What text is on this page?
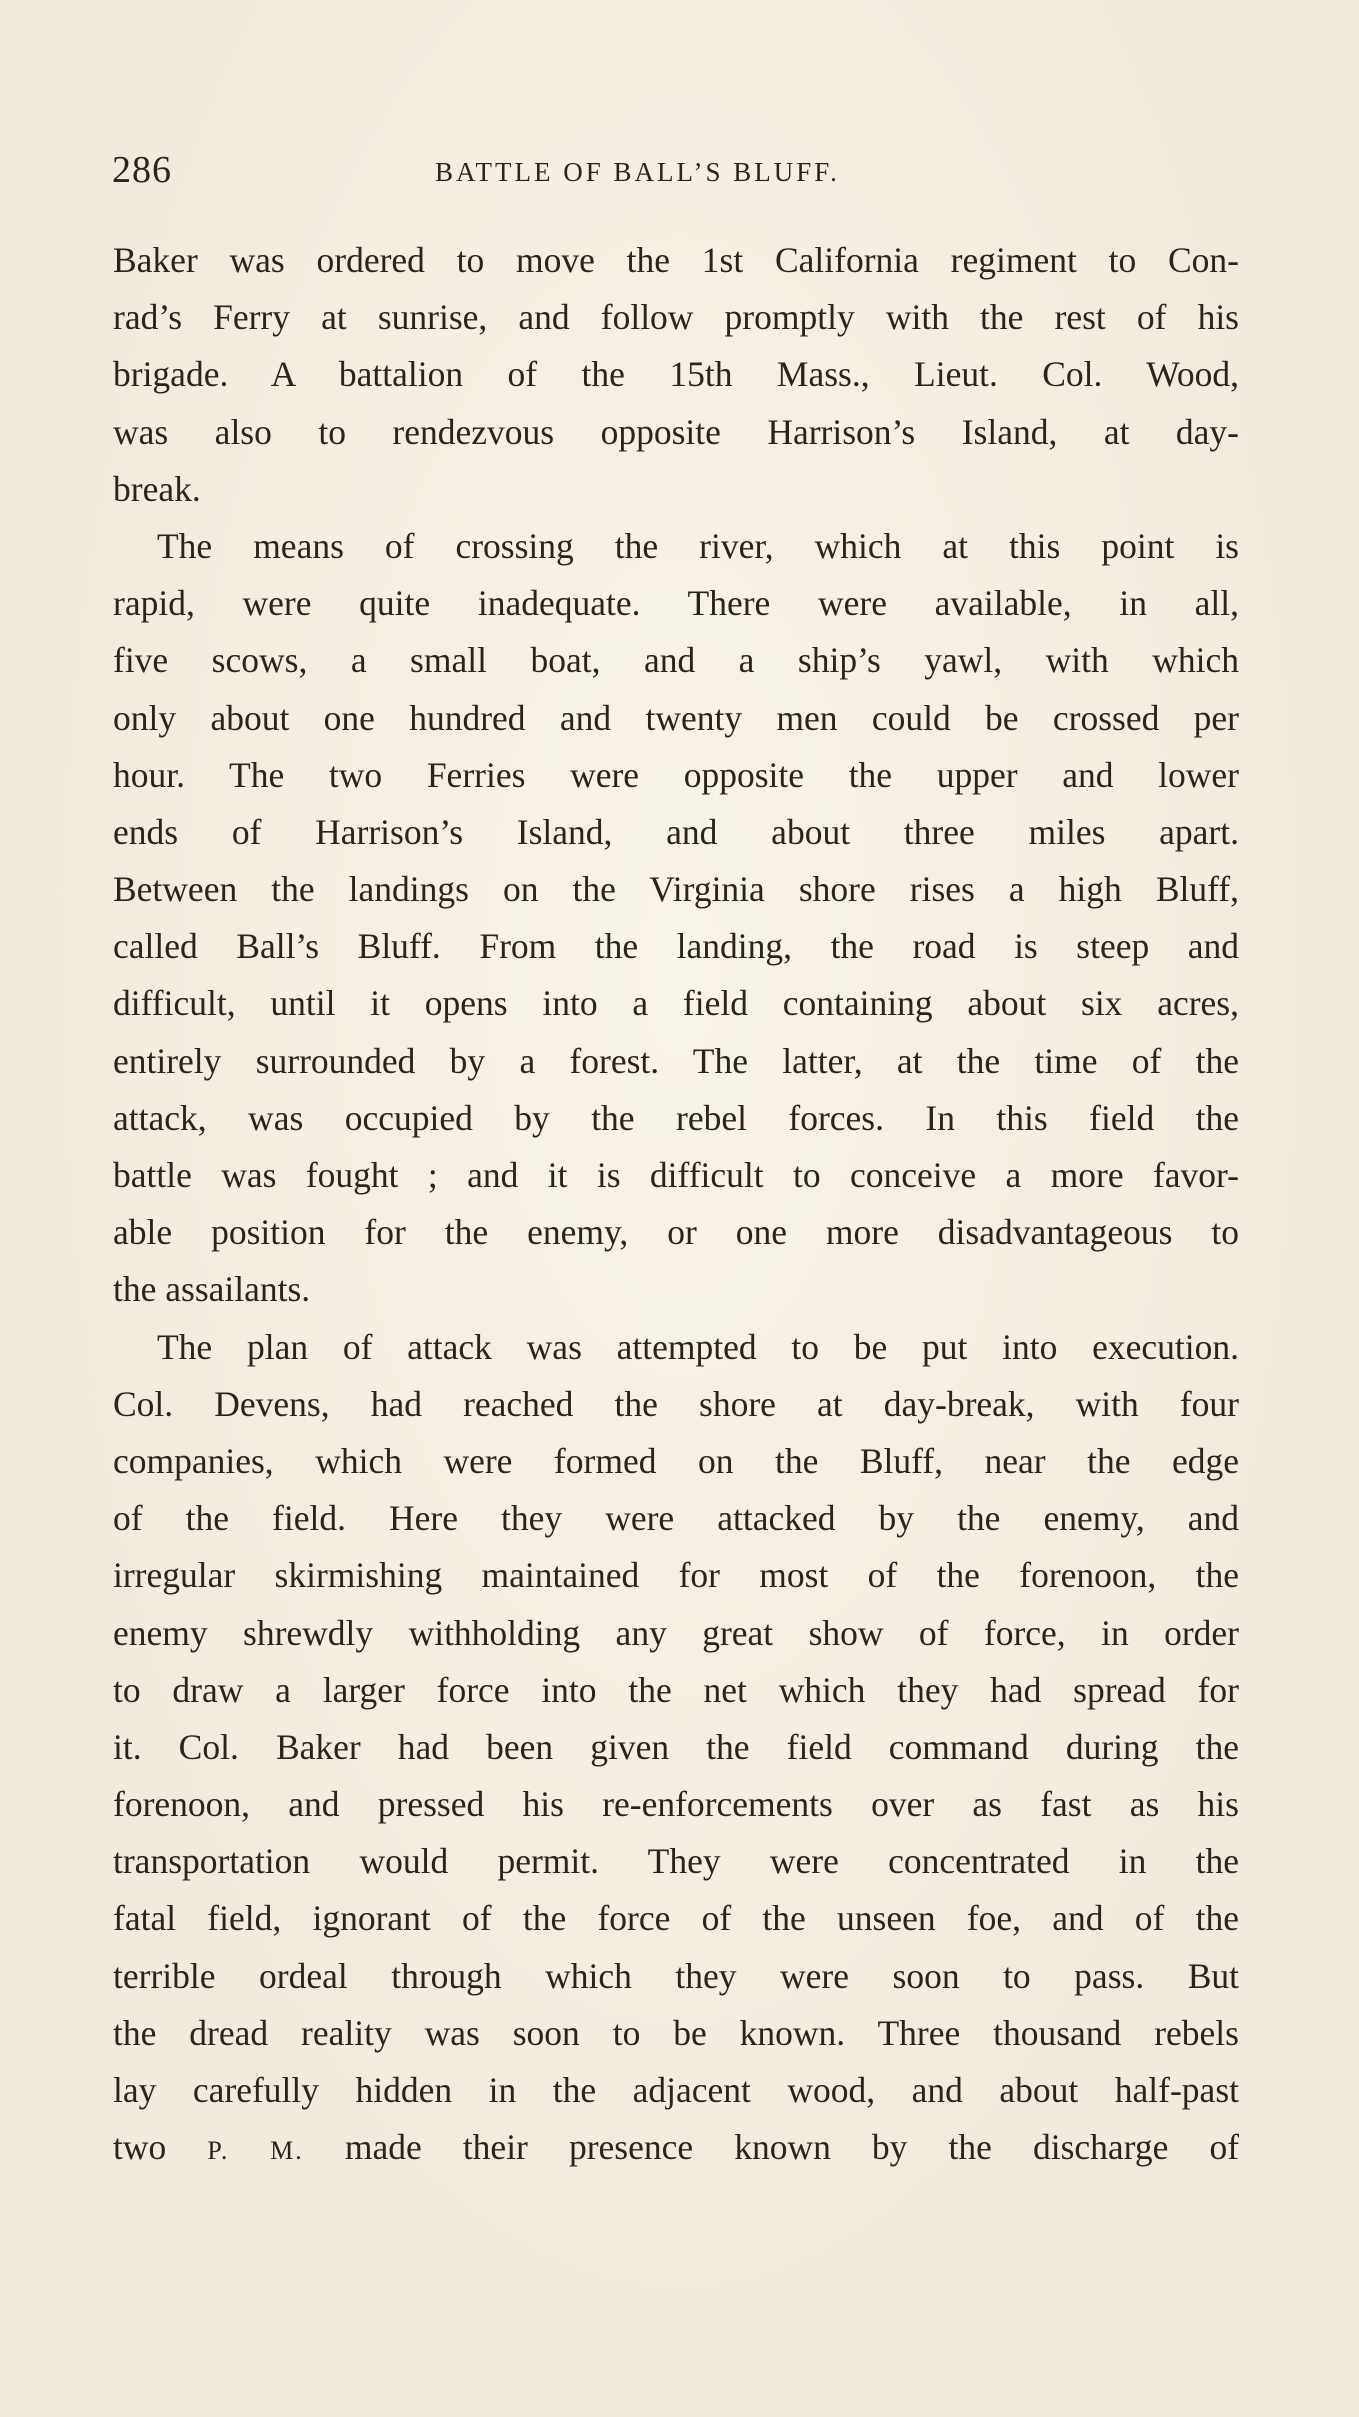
286	BATTLE OF BALL’S BLUFF.
Baker was ordered to move the 1st California regiment to Con-
rad’s Ferry at sunrise, and follow promptly with the rest of his
brigade. A battalion of the 15th Mass., Lieut. Col. Wood,
was also to rendezvous opposite Harrison’s Island, at day-
break.
The means of crossing the river, which at this point is
rapid, were quite inadequate. There were available, in all,
five scows, a small boat, and a ship’s yawl, with which
only about one hundred and twenty men could be crossed per
hour. The two Ferries were opposite the upper and lower
ends of Harrison’s Island, and about three miles apart.
Between the landings on the Virginia shore rises a high Bluff,
called Ball’s Bluff. From the landing, the road is steep and
difficult, until it opens into a field containing about six acres,
entirely surrounded by a forest. The latter, at the time of the
attack, was occupied by the rebel forces. In this field the
battle was fought ; and it is difficult to conceive a more favor-
able position for the enemy, or one more disadvantageous to
the assailants.
The plan of attack was attempted to be put into execution.
Col. Devens, had reached the shore at day-break, with four
companies, which were formed on the Bluff, near the edge
of the field. Here they were attacked by the enemy, and
irregular skirmishing maintained for most of the forenoon, the
enemy shrewdly withholding any great show of force, in order
to draw a larger force into the net which they had spread for
it. Col. Baker had been given the field command during the
forenoon, and pressed his re-enforcements over as fast as his
transportation would permit. They were concentrated in the
fatal field, ignorant of the force of the unseen foe, and of the
terrible ordeal through which they were soon to pass. But
the dread reality was soon to be known. Three thousand rebels
lay carefully hidden in the adjacent wood, and about half-past
two P. M. made their presence known by the discharge of
